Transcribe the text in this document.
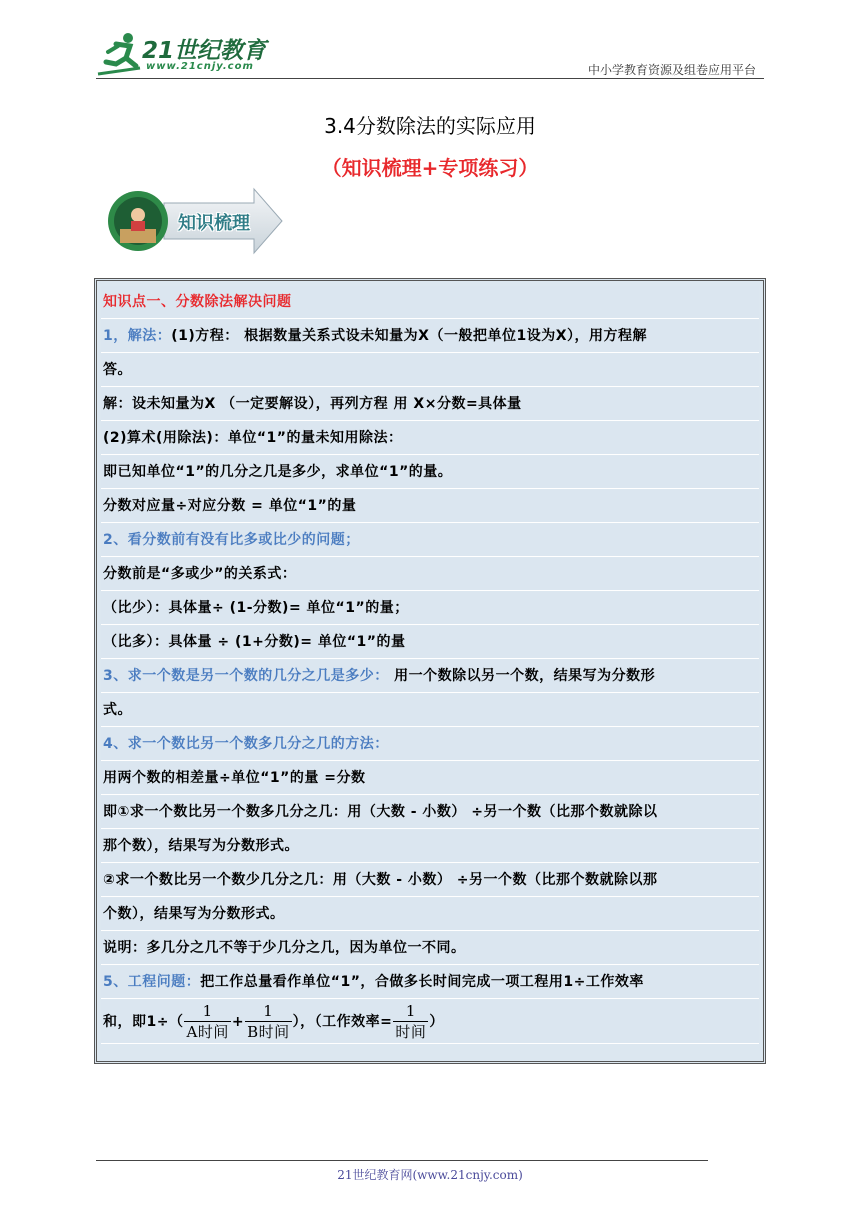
21世纪教育
www.21cnjy.com	中小学教育资源及组卷应用平台
3.4分数除法的实际应用
（知识梳理+专项练习）
知识梳理
知识点一、分数除法解决问题
1，解法：(1)方程： 根据数量关系式设未知量为X（一般把单位1设为X），用方程解
答。
解：设未知量为X （一定要解设），再列方程 用 X×分数=具体量
(2)算术(用除法)：单位“1”的量未知用除法：
即已知单位“1”的几分之几是多少，求单位“1”的量。
分数对应量÷对应分数 = 单位“1”的量
2、看分数前有没有比多或比少的问题；
分数前是“多或少”的关系式：
（比少）：具体量÷ (1-分数)= 单位“1”的量；
（比多）：具体量 ÷ (1+分数)= 单位“1”的量
3、求一个数是另一个数的几分之几是多少： 用一个数除以另一个数，结果写为分数形
式。
4、求一个数比另一个数多几分之几的方法：
用两个数的相差量÷单位“1”的量 =分数
即①求一个数比另一个数多几分之几：用（大数 - 小数） ÷另一个数（比那个数就除以
那个数），结果写为分数形式。
②求一个数比另一个数少几分之几：用（大数 - 小数） ÷另一个数（比那个数就除以那
个数），结果写为分数形式。
说明：多几分之几不等于少几分之几，因为单位一不同。
5、工程问题：把工作总量看作单位“1”，合做多长时间完成一项工程用1÷工作效率
和，即$1\div( \frac{1}{\text{A时间}} + \frac{1}{\text{B时间}}$ ），（工作效率= $\frac{1}{\text{时间}}$ ）
21世纪教育网(www.21cnjy.com)
